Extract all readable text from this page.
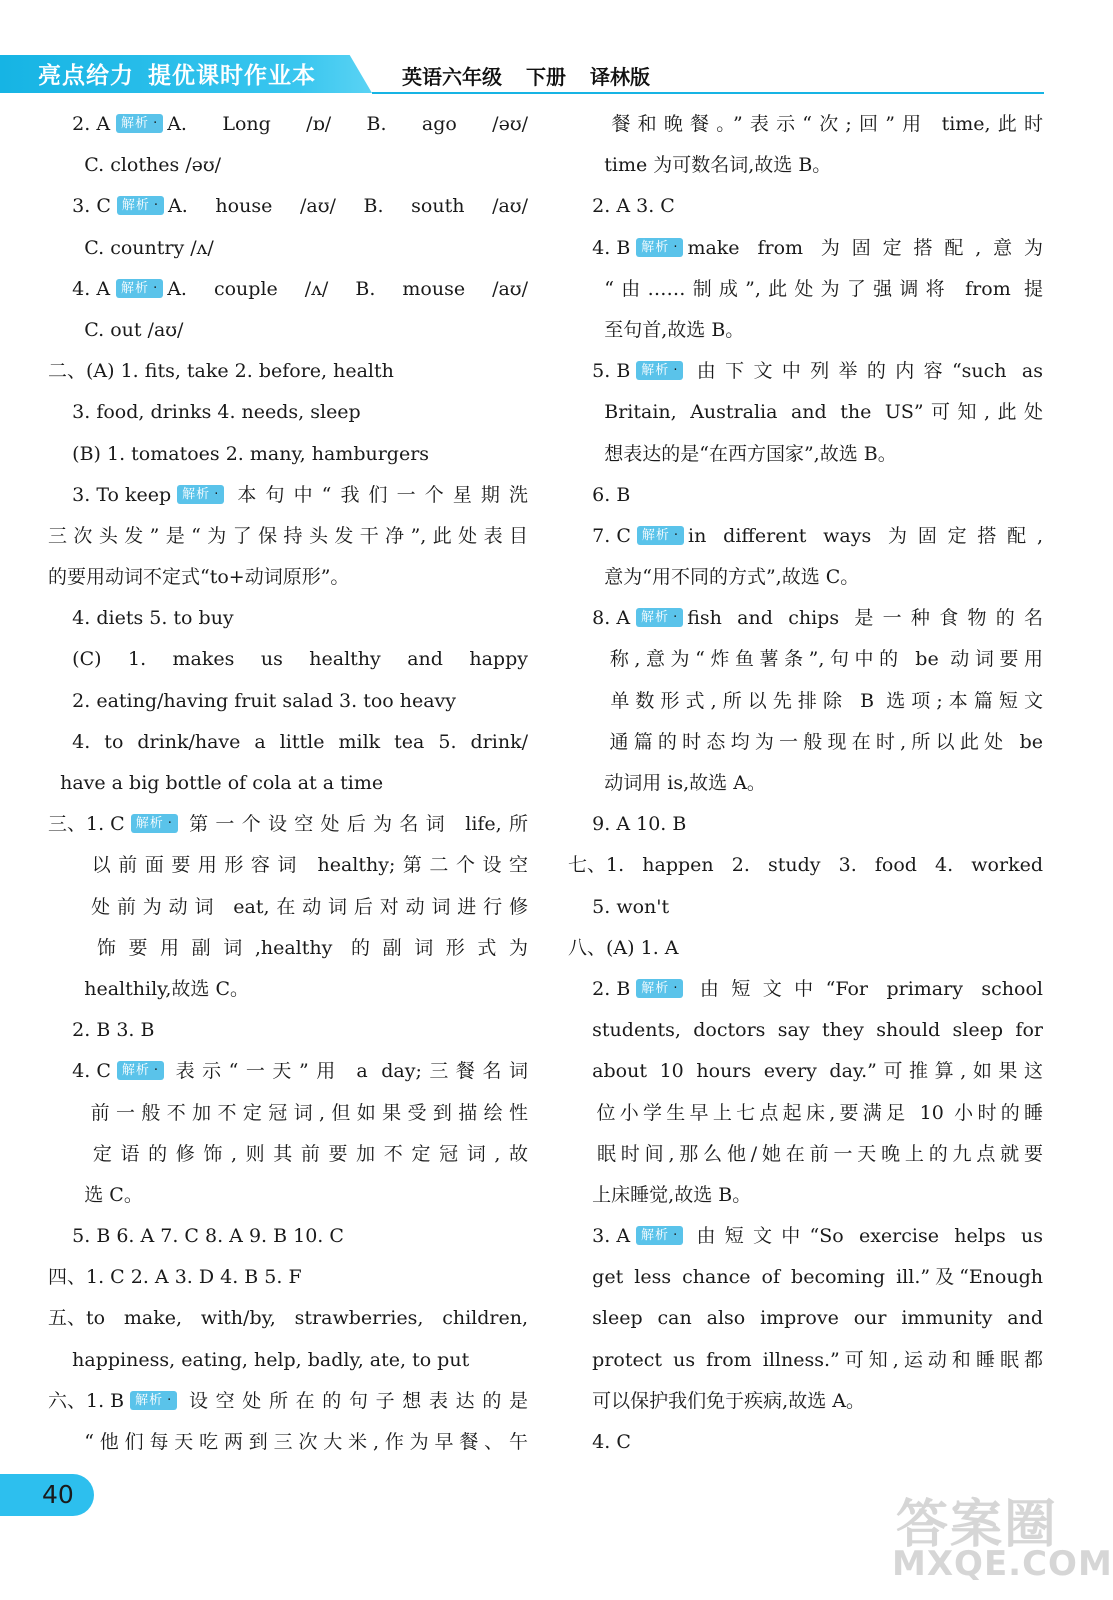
亮点给力 提优课时作业本	英语六年级 下册 译林版
2. A 解析 · A. Long /ɒ/ B. ago /əʊ/
C. clothes /əʊ/
3. C 解析 · A. house /aʊ/ B. south /aʊ/
C. country /ʌ/
4. A 解析 · A. couple /ʌ/ B. mouse /aʊ/
C. out /aʊ/
二、(A) 1. fits, take 2. before, health
3. food, drinks 4. needs, sleep
(B) 1. tomatoes 2. many, hamburgers
3. To keep 解析 · 本句中“我们一个星期洗
三次头发”是“为了保持头发干净”,此处表目
的要用动词不定式“to+动词原形”。
4. diets 5. to buy
(C) 1. makes us healthy and happy
2. eating/having fruit salad 3. too heavy
4. to drink/have a little milk tea 5. drink/
have a big bottle of cola at a time
三、1. C 解析 · 第一个设空处后为名词 life,所
以前面要用形容词 healthy;第二个设空
处前为动词 eat,在动词后对动词进行修
饰要用副词,healthy 的副词形式为
healthily,故选 C。
2. B 3. B
4. C 解析 · 表示“一天”用 a day;三餐名词
前一般不加不定冠词,但如果受到描绘性
定语的修饰,则其前要加不定冠词,故
选 C。
5. B 6. A 7. C 8. A 9. B 10. C
四、1. C 2. A 3. D 4. B 5. F
五、to make, with/by, strawberries, children,
happiness, eating, help, badly, ate, to put
六、1. B 解析 · 设空处所在的句子想表达的是
“他们每天吃两到三次大米,作为早餐、午
餐和晚餐。”表示“次;回”用 time,此时
time 为可数名词,故选 B。
2. A 3. C
4. B 解析 · make from 为固定搭配,意为
“由……制成”,此处为了强调将 from 提
至句首,故选 B。
5. B 解析 · 由下文中列举的内容“such as
Britain, Australia and the US”可知,此处
想表达的是“在西方国家”,故选 B。
6. B
7. C 解析 · in different ways 为固定搭配,
意为“用不同的方式”,故选 C。
8. A 解析 · fish and chips 是一种食物的名
称,意为“炸鱼薯条”,句中的 be 动词要用
单数形式,所以先排除 B 选项;本篇短文
通篇的时态均为一般现在时,所以此处 be
动词用 is,故选 A。
9. A 10. B
七、1. happen 2. study 3. food 4. worked
5. won't
八、(A) 1. A
2. B 解析 · 由短文中“For primary school
students, doctors say they should sleep for
about 10 hours every day.”可推算,如果这
位小学生早上七点起床,要满足 10 小时的睡
眠时间,那么他/她在前一天晚上的九点就要
上床睡觉,故选 B。
3. A 解析 · 由短文中“So exercise helps us
get less chance of becoming ill.”及“Enough
sleep can also improve our immunity and
protect us from illness.”可知,运动和睡眠都
可以保护我们免于疾病,故选 A。
4. C
40
答案圈
MXQE.COM
